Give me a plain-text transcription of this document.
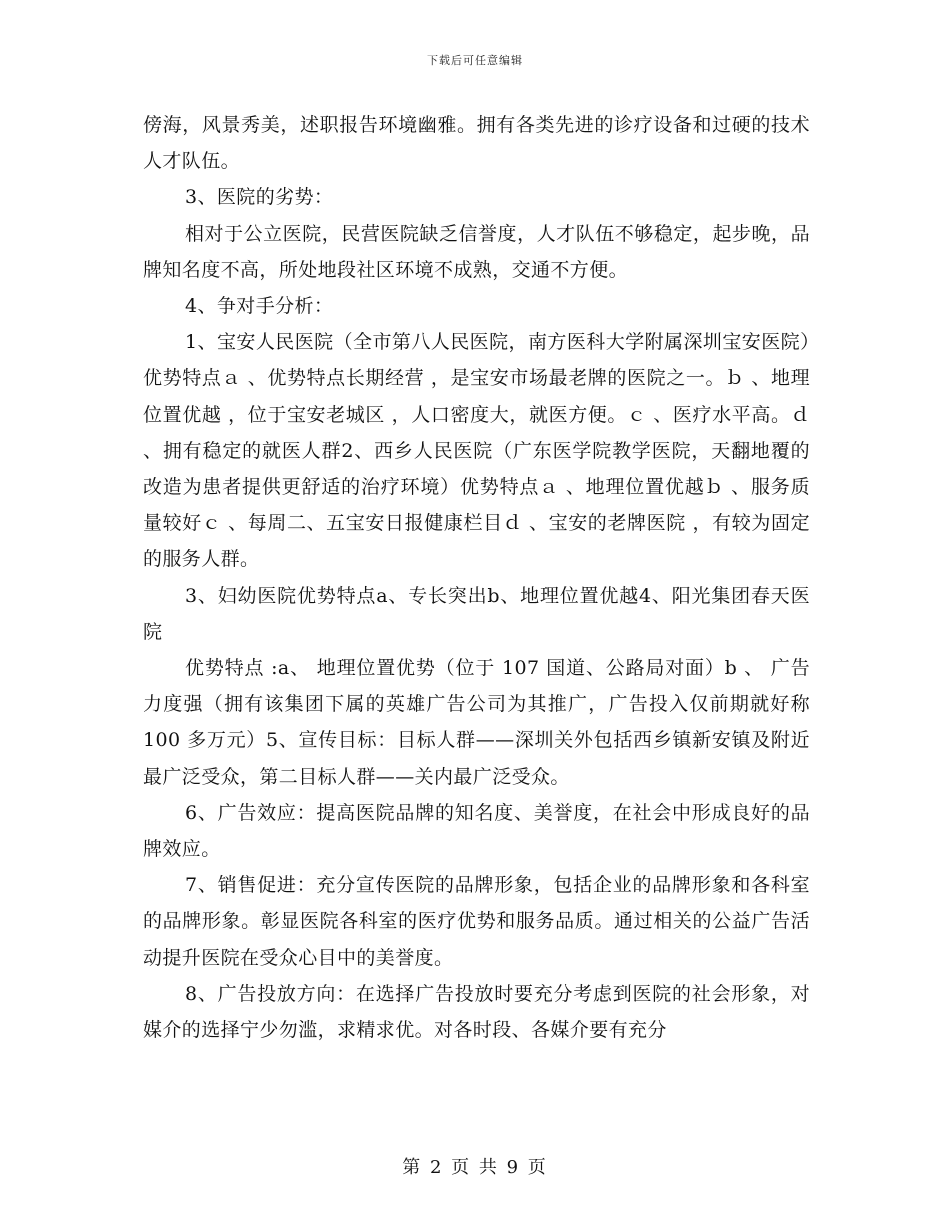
下载后可任意编辑

傍海，风景秀美，述职报告环境幽雅。拥有各类先进的诊疗设备和过硬的技术人才队伍。

3、医院的劣势：

相对于公立医院，民营医院缺乏信誉度，人才队伍不够稳定，起步晚，品牌知名度不高，所处地段社区环境不成熟，交通不方便。

4、争对手分析：

1、宝安人民医院（全市第八人民医院，南方医科大学附属深圳宝安医院）优势特点ａ 、优势特点长期经营 ，是宝安市场最老牌的医院之一。ｂ 、地理位置优越 ，位于宝安老城区 ，人口密度大，就医方便。ｃ 、医疗水平高。ｄ 、拥有稳定的就医人群2、西乡人民医院（广东医学院教学医院，天翻地覆的改造为患者提供更舒适的治疗环境）优势特点ａ 、地理位置优越ｂ 、服务质量较好ｃ 、每周二、五宝安日报健康栏目ｄ 、宝安的老牌医院 ，有较为固定的服务人群。

3、妇幼医院优势特点a、专长突出b、地理位置优越4、阳光集团春天医院

优势特点 :a、 地理位置优势（位于 107 国道、公路局对面）b 、 广告力度强（拥有该集团下属的英雄广告公司为其推广，广告投入仅前期就好称100 多万元）5、宣传目标：目标人群——深圳关外包括西乡镇新安镇及附近最广泛受众，第二目标人群——关内最广泛受众。

6、广告效应：提高医院品牌的知名度、美誉度，在社会中形成良好的品牌效应。

7、销售促进：充分宣传医院的品牌形象，包括企业的品牌形象和各科室的品牌形象。彰显医院各科室的医疗优势和服务品质。通过相关的公益广告活动提升医院在受众心目中的美誉度。

8、广告投放方向：在选择广告投放时要充分考虑到医院的社会形象，对媒介的选择宁少勿滥，求精求优。对各时段、各媒介要有充分

第 2 页 共 9 页
